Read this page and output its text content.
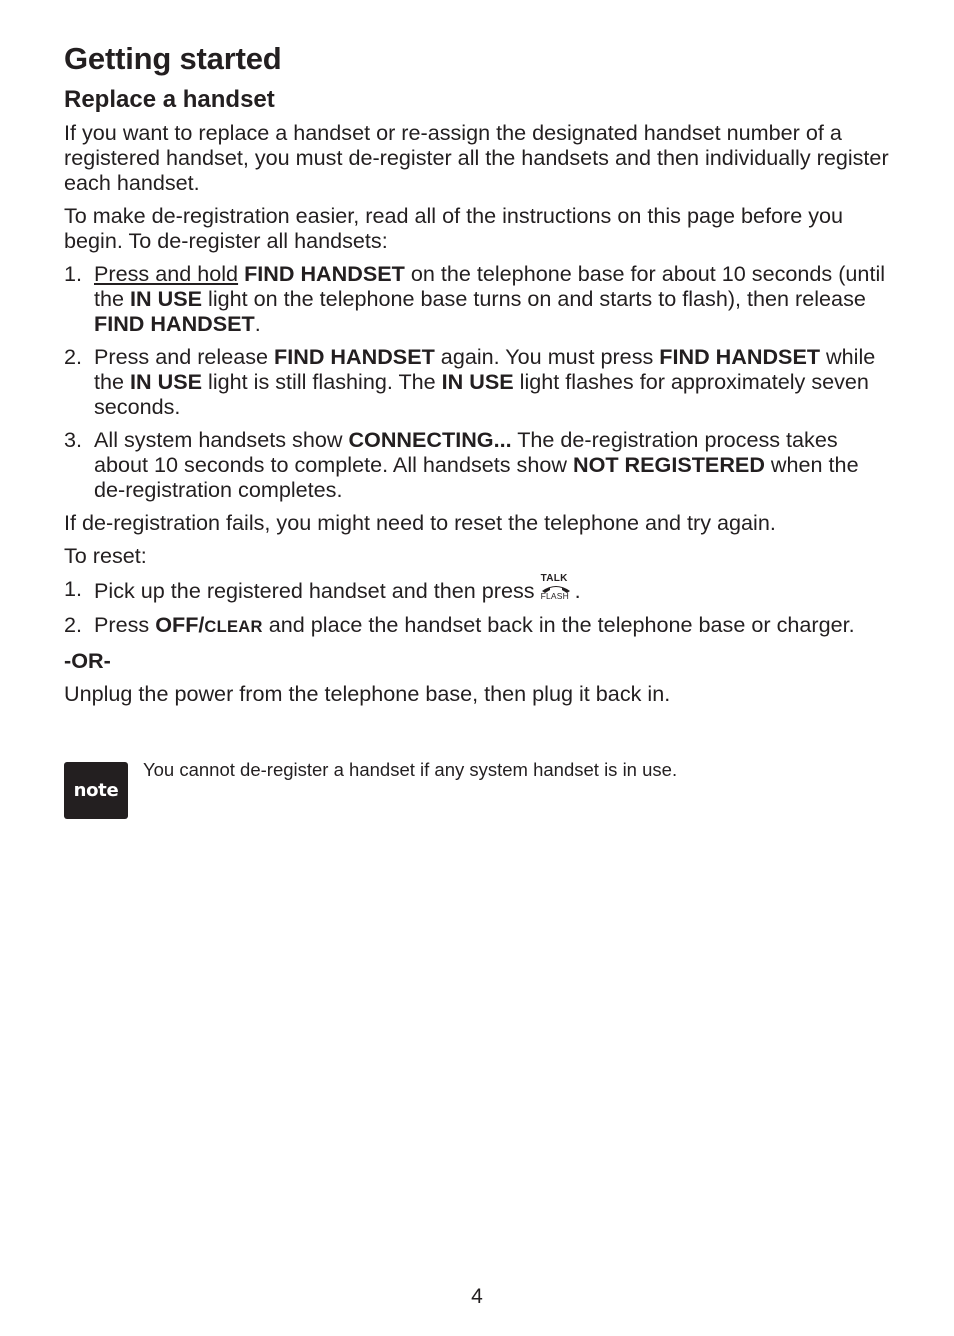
Getting started
Replace a handset

If you want to replace a handset or re-assign the designated handset number of a registered handset, you must de-register all the handsets and then individually register each handset.

To make de-registration easier, read all of the instructions on this page before you begin. To de-register all handsets:

1. Press and hold FIND HANDSET on the telephone base for about 10 seconds (until the IN USE light on the telephone base turns on and starts to flash), then release FIND HANDSET.
2. Press and release FIND HANDSET again. You must press FIND HANDSET while the IN USE light is still flashing. The IN USE light flashes for approximately seven seconds.
3. All system handsets show CONNECTING... The de-registration process takes about 10 seconds to complete. All handsets show NOT REGISTERED when the de-registration completes.

If de-registration fails, you might need to reset the telephone and try again.

To reset:

1. Pick up the registered handset and then press TALK
FLASH .
2. Press OFF/CLEAR and place the handset back in the telephone base or charger.

-OR-

Unplug the power from the telephone base, then plug it back in.

note
You cannot de-register a handset if any system handset is in use.
4
